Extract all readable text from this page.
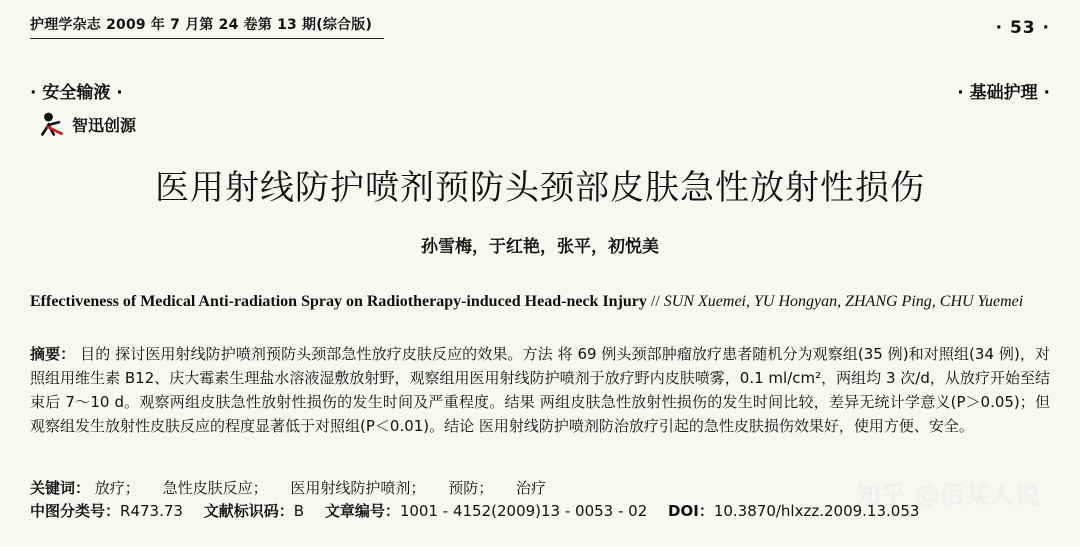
护理学杂志 2009 年 7 月第 24 卷第 13 期(综合版)	· 53 ·
· 安全输液 ·	· 基础护理 ·
智迅创源
医用射线防护喷剂预防头颈部皮肤急性放射性损伤
孙雪梅，于红艳，张平，初悦美
Effectiveness of Medical Anti-radiation Spray on Radiotherapy-induced Head-neck Injury // SUN Xuemei, YU Hongyan, ZHANG Ping, CHU Yuemei
摘要： 目的 探讨医用射线防护喷剂预防头颈部急性放疗皮肤反应的效果。方法 将 69 例头颈部肿瘤放疗患者随机分为观察组(35 例)和对照组(34 例)，对照组用维生素 B12、庆大霉素生理盐水溶液湿敷放射野，观察组用医用射线防护喷剂于放疗野内皮肤喷雾，0.1 ml/cm²，两组均 3 次/d，从放疗开始至结束后 7～10 d。观察两组皮肤急性放射性损伤的发生时间及严重程度。结果 两组皮肤急性放射性损伤的发生时间比较，差异无统计学意义(P＞0.05)；但观察组发生放射性皮肤反应的程度显著低于对照组(P＜0.01)。结论 医用射线防护喷剂防治放疗引起的急性皮肤损伤效果好，使用方便、安全。
关键词： 放疗； 急性皮肤反应； 医用射线防护喷剂； 预防； 治疗
中图分类号：R473.73 文献标识码：B 文章编号：1001 - 4152(2009)13 - 0053 - 02 DOI：10.3870/hlxzz.2009.13.053
知乎 @佰某人说
